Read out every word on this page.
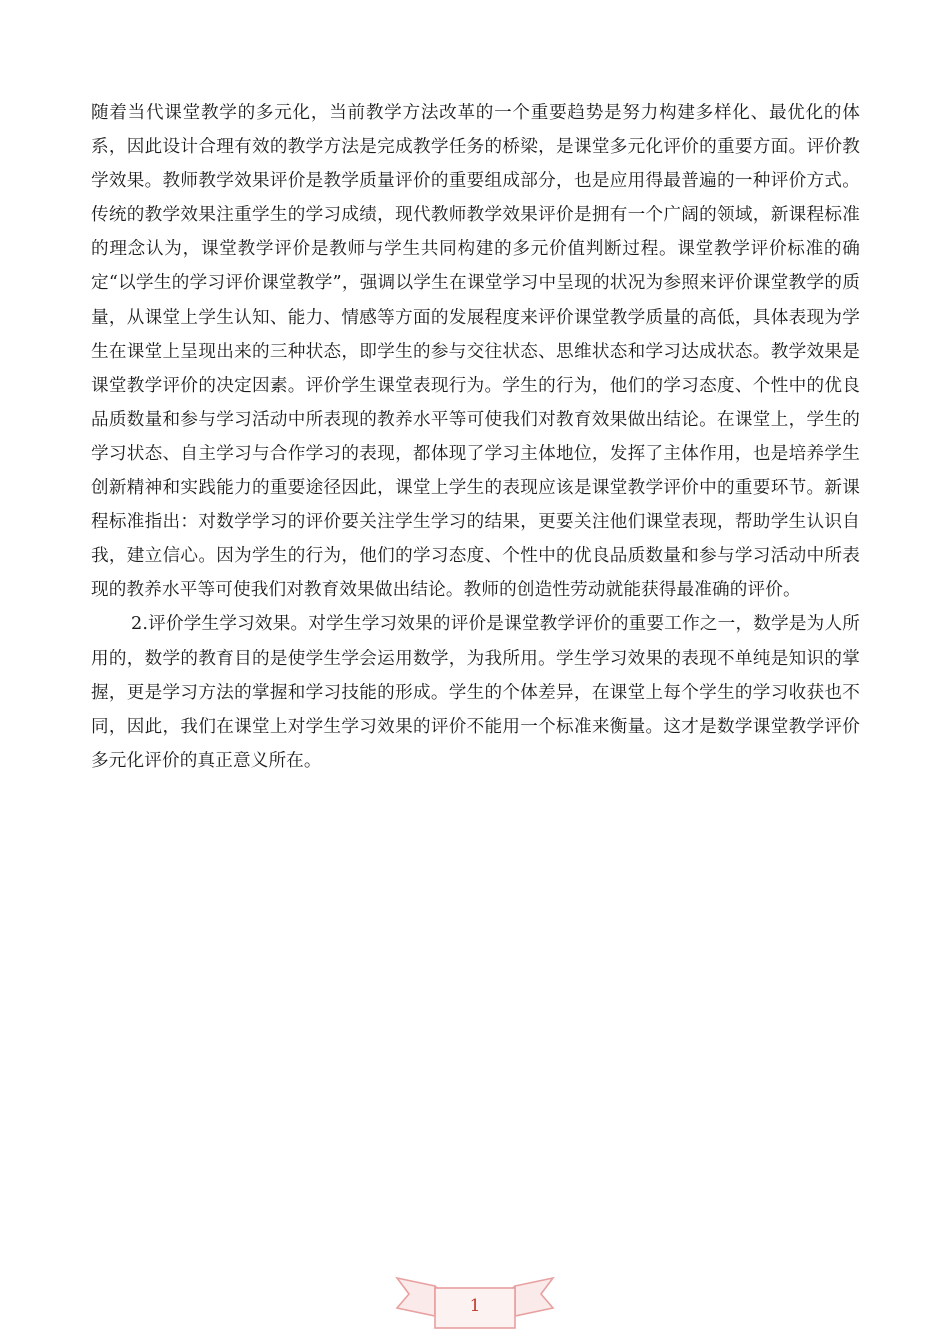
随着当代课堂教学的多元化，当前教学方法改革的一个重要趋势是努力构建多样化、最优化的体系，因此设计合理有效的教学方法是完成教学任务的桥梁，是课堂多元化评价的重要方面。评价教学效果。教师教学效果评价是教学质量评价的重要组成部分，也是应用得最普遍的一种评价方式。传统的教学效果注重学生的学习成绩，现代教师教学效果评价是拥有一个广阔的领域，新课程标准的理念认为，课堂教学评价是教师与学生共同构建的多元价值判断过程。课堂教学评价标准的确定“以学生的学习评价课堂教学”，强调以学生在课堂学习中呈现的状况为参照来评价课堂教学的质量，从课堂上学生认知、能力、情感等方面的发展程度来评价课堂教学质量的高低，具体表现为学生在课堂上呈现出来的三种状态，即学生的参与交往状态、思维状态和学习达成状态。教学效果是课堂教学评价的决定因素。评价学生课堂表现行为。学生的行为，他们的学习态度、个性中的优良品质数量和参与学习活动中所表现的教养水平等可使我们对教育效果做出结论。在课堂上，学生的学习状态、自主学习与合作学习的表现，都体现了学习主体地位，发挥了主体作用，也是培养学生创新精神和实践能力的重要途径因此，课堂上学生的表现应该是课堂教学评价中的重要环节。新课程标准指出：对数学学习的评价要关注学生学习的结果，更要关注他们课堂表现，帮助学生认识自我，建立信心。因为学生的行为，他们的学习态度、个性中的优良品质数量和参与学习活动中所表现的教养水平等可使我们对教育效果做出结论。教师的创造性劳动就能获得最准确的评价。

2.评价学生学习效果。对学生学习效果的评价是课堂教学评价的重要工作之一，数学是为人所用的，数学的教育目的是使学生学会运用数学，为我所用。学生学习效果的表现不单纯是知识的掌握，更是学习方法的掌握和学习技能的形成。学生的个体差异，在课堂上每个学生的学习收获也不同，因此，我们在课堂上对学生学习效果的评价不能用一个标准来衡量。这才是数学课堂教学评价多元化评价的真正意义所在。

1
